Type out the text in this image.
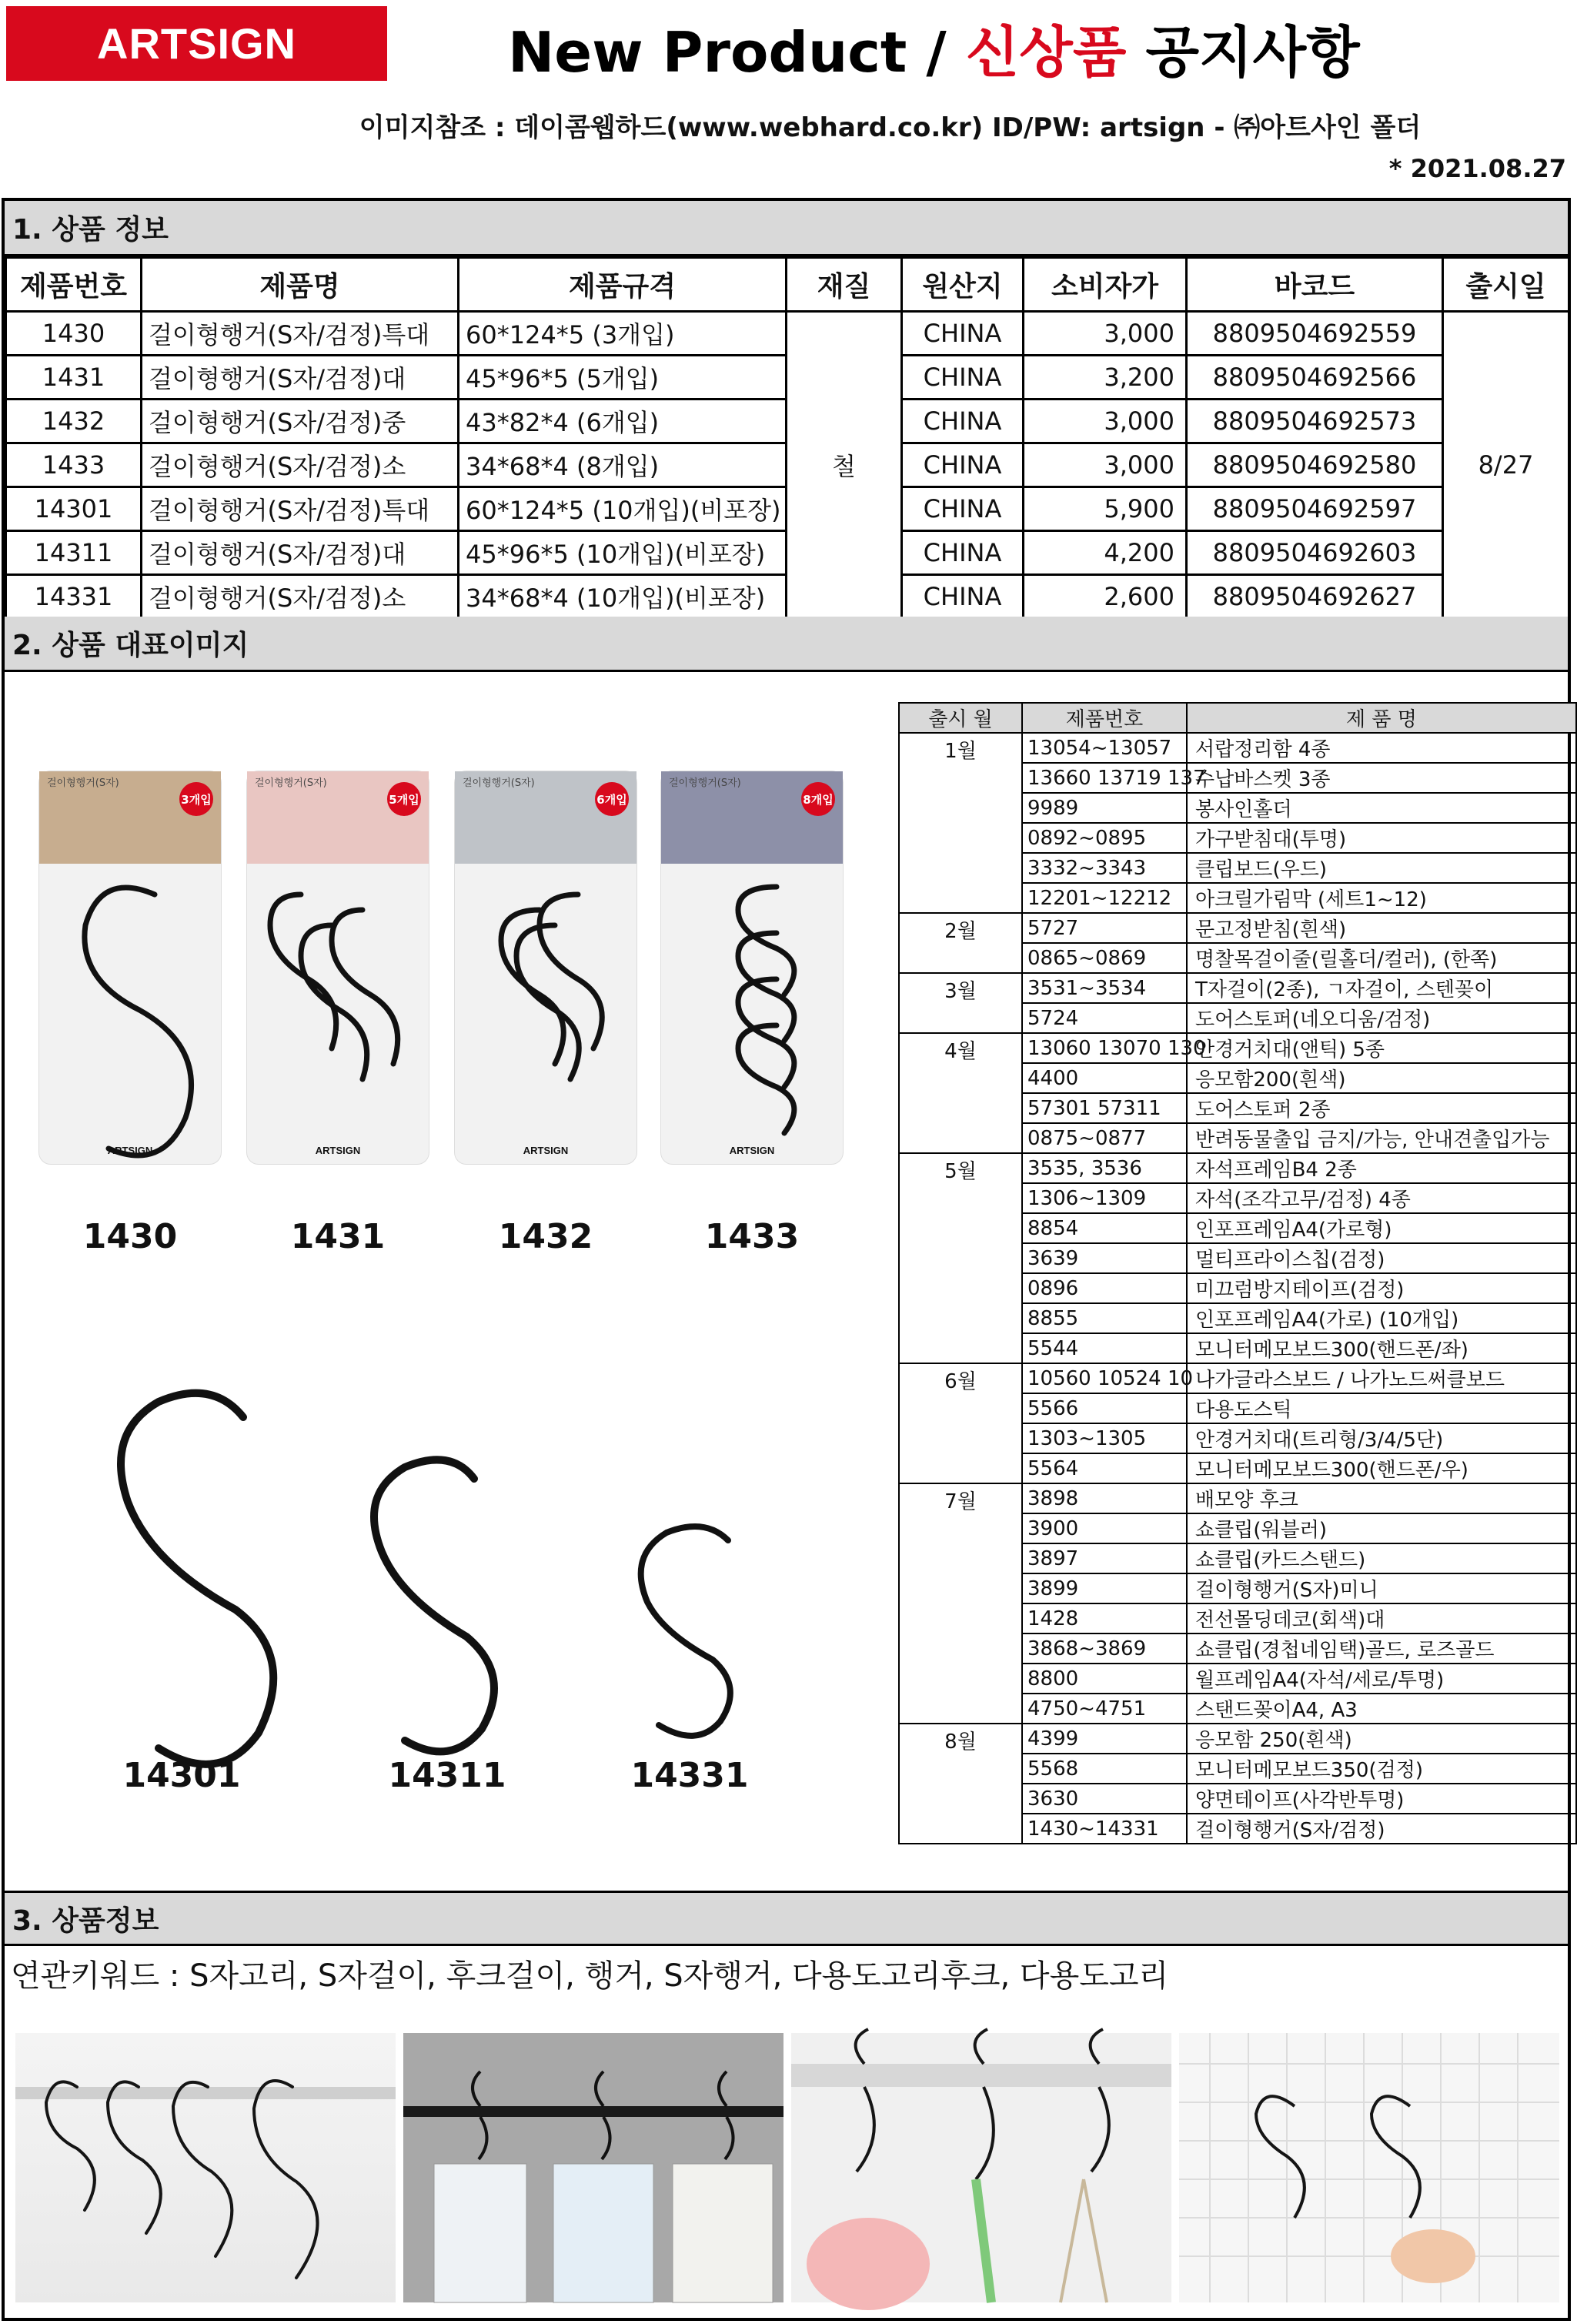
ARTSIGN	New Product / 신상품 공지사항
이미지참조 : 데이콤웹하드(www.webhard.co.kr) ID/PW: artsign - ㈜아트사인 폴더
* 2021.08.27
1. 상품 정보
제품번호	제품명	제품규격	재질	원산지	소비자가	바코드	출시일
1430	걸이형행거(S자/검정)특대	60*124*5 (3개입)	철	CHINA	3,000	8809504692559	8/27
1431	걸이형행거(S자/검정)대	45*96*5 (5개입)		CHINA	3,200	8809504692566	
1432	걸이형행거(S자/검정)중	43*82*4 (6개입)		CHINA	3,000	8809504692573	
1433	걸이형행거(S자/검정)소	34*68*4 (8개입)		CHINA	3,000	8809504692580	
14301	걸이형행거(S자/검정)특대	60*124*5 (10개입)(비포장)		CHINA	5,900	8809504692597	
14311	걸이형행거(S자/검정)대	45*96*5 (10개입)(비포장)		CHINA	4,200	8809504692603	
14331	걸이형행거(S자/검정)소	34*68*4 (10개입)(비포장)		CHINA	2,600	8809504692627	
2. 상품 대표이미지
3개입
걸이형행거(S자)
ARTSIGN
1430
5개입
걸이형행거(S자)
ARTSIGN
1431
6개입
걸이형행거(S자)
ARTSIGN
1432
8개입
걸이형행거(S자)
ARTSIGN
1433
14301	14311	14331
출시 월	제품번호	제 품 명
1월	13054~13057	서랍정리함 4종
	13660 13719 137	수납바스켓 3종
	9989	봉사인홀더
	0892~0895	가구받침대(투명)
	3332~3343	클립보드(우드)
	12201~12212	아크릴가림막 (세트1~12)
2월	5727	문고정받침(흰색)
	0865~0869	명찰목걸이줄(릴홀더/컬러), (한쪽)
3월	3531~3534	T자걸이(2종), ㄱ자걸이, 스텐꽂이
	5724	도어스토퍼(네오디움/검정)
4월	13060 13070 130	안경거치대(앤틱) 5종
	4400	응모함200(흰색)
	57301 57311	도어스토퍼 2종
	0875~0877	반려동물출입 금지/가능, 안내견출입가능
5월	3535, 3536	자석프레임B4 2종
	1306~1309	자석(조각고무/검정) 4종
	8854	인포프레임A4(가로형)
	3639	멀티프라이스칩(검정)
	0896	미끄럼방지테이프(검정)
	8855	인포프레임A4(가로) (10개입)
	5544	모니터메모보드300(핸드폰/좌)
6월	10560 10524 10	나가글라스보드 / 나가노드써클보드
	5566	다용도스틱
	1303~1305	안경거치대(트리형/3/4/5단)
	5564	모니터메모보드300(핸드폰/우)
7월	3898	배모양 후크
	3900	쇼클립(워블러)
	3897	쇼클립(카드스탠드)
	3899	걸이형행거(S자)미니
	1428	전선몰딩데코(회색)대
	3868~3869	쇼클립(경첩네임택)골드, 로즈골드
	8800	월프레임A4(자석/세로/투명)
	4750~4751	스탠드꽂이A4, A3
8월	4399	응모함 250(흰색)
	5568	모니터메모보드350(검정)
	3630	양면테이프(사각반투명)
	1430~14331	걸이형행거(S자/검정)
3. 상품정보
연관키워드 : S자고리, S자걸이, 후크걸이, 행거, S자행거, 다용도고리후크, 다용도고리
